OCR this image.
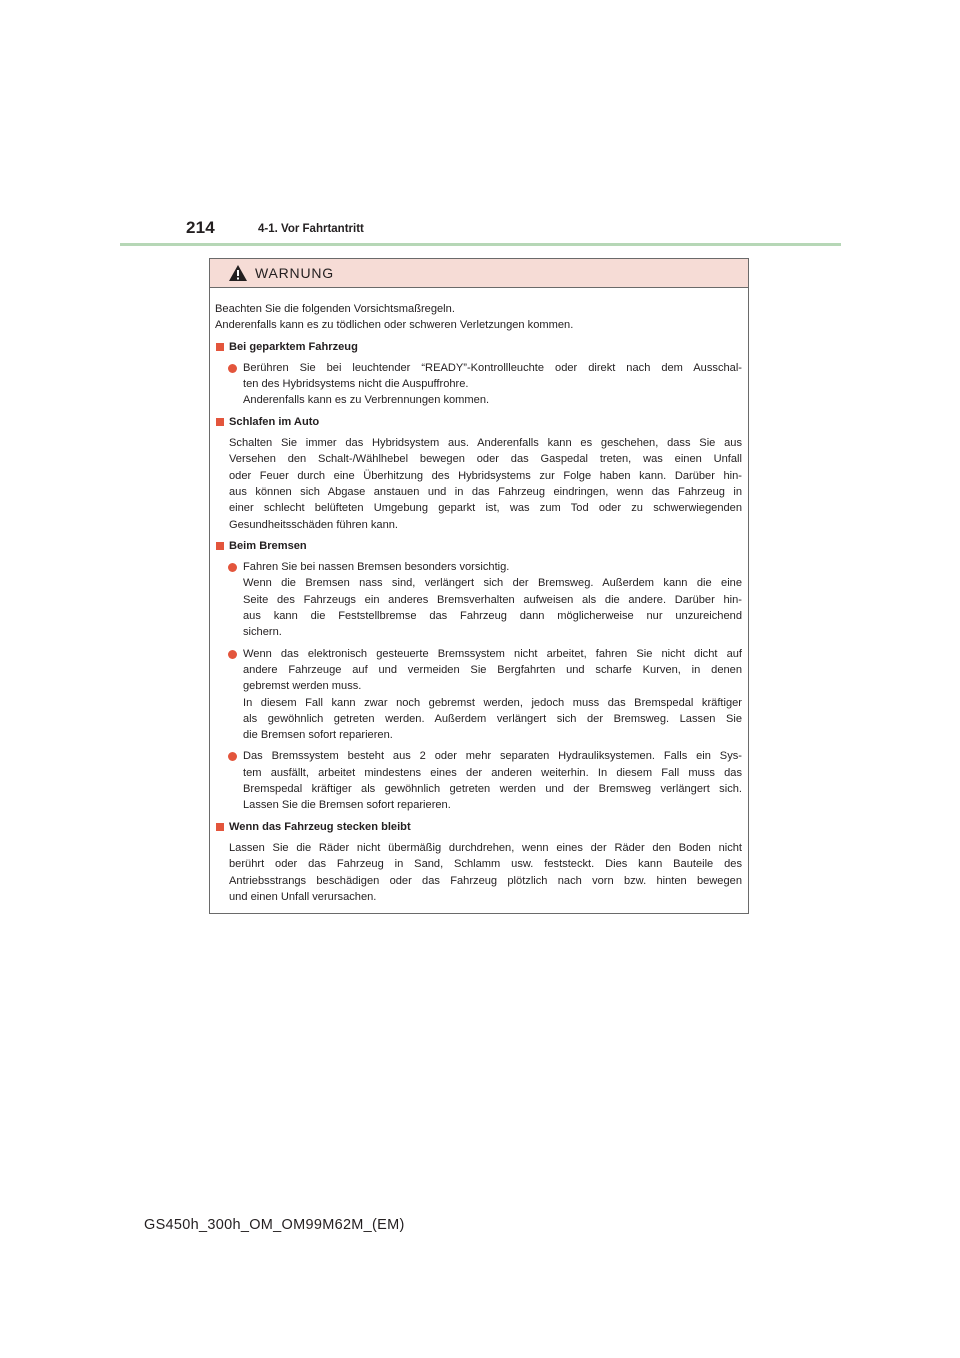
214	4-1. Vor Fahrtantritt
WARNUNG

Beachten Sie die folgenden Vorsichtsmaßregeln.
Anderenfalls kann es zu tödlichen oder schweren Verletzungen kommen.

Bei geparktem Fahrzeug

Berühren Sie bei leuchtender “READY”-Kontrollleuchte oder direkt nach dem Ausschal-
ten des Hybridsystems nicht die Auspuffrohre.
Anderenfalls kann es zu Verbrennungen kommen.

Schlafen im Auto

Schalten Sie immer das Hybridsystem aus. Anderenfalls kann es geschehen, dass Sie aus
Versehen den Schalt-/Wählhebel bewegen oder das Gaspedal treten, was einen Unfall
oder Feuer durch eine Überhitzung des Hybridsystems zur Folge haben kann. Darüber hin-
aus können sich Abgase anstauen und in das Fahrzeug eindringen, wenn das Fahrzeug in
einer schlecht belüfteten Umgebung geparkt ist, was zum Tod oder zu schwerwiegenden
Gesundheitsschäden führen kann.

Beim Bremsen

Fahren Sie bei nassen Bremsen besonders vorsichtig.
Wenn die Bremsen nass sind, verlängert sich der Bremsweg. Außerdem kann die eine
Seite des Fahrzeugs ein anderes Bremsverhalten aufweisen als die andere. Darüber hin-
aus kann die Feststellbremse das Fahrzeug dann möglicherweise nur unzureichend
sichern.

Wenn das elektronisch gesteuerte Bremssystem nicht arbeitet, fahren Sie nicht dicht auf
andere Fahrzeuge auf und vermeiden Sie Bergfahrten und scharfe Kurven, in denen
gebremst werden muss.
In diesem Fall kann zwar noch gebremst werden, jedoch muss das Bremspedal kräftiger
als gewöhnlich getreten werden. Außerdem verlängert sich der Bremsweg. Lassen Sie
die Bremsen sofort reparieren.

Das Bremssystem besteht aus 2 oder mehr separaten Hydrauliksystemen. Falls ein Sys-
tem ausfällt, arbeitet mindestens eines der anderen weiterhin. In diesem Fall muss das
Bremspedal kräftiger als gewöhnlich getreten werden und der Bremsweg verlängert sich.
Lassen Sie die Bremsen sofort reparieren.

Wenn das Fahrzeug stecken bleibt

Lassen Sie die Räder nicht übermäßig durchdrehen, wenn eines der Räder den Boden nicht
berührt oder das Fahrzeug in Sand, Schlamm usw. feststeckt. Dies kann Bauteile des
Antriebsstrangs beschädigen oder das Fahrzeug plötzlich nach vorn bzw. hinten bewegen
und einen Unfall verursachen.

GS450h_300h_OM_OM99M62M_(EM)
